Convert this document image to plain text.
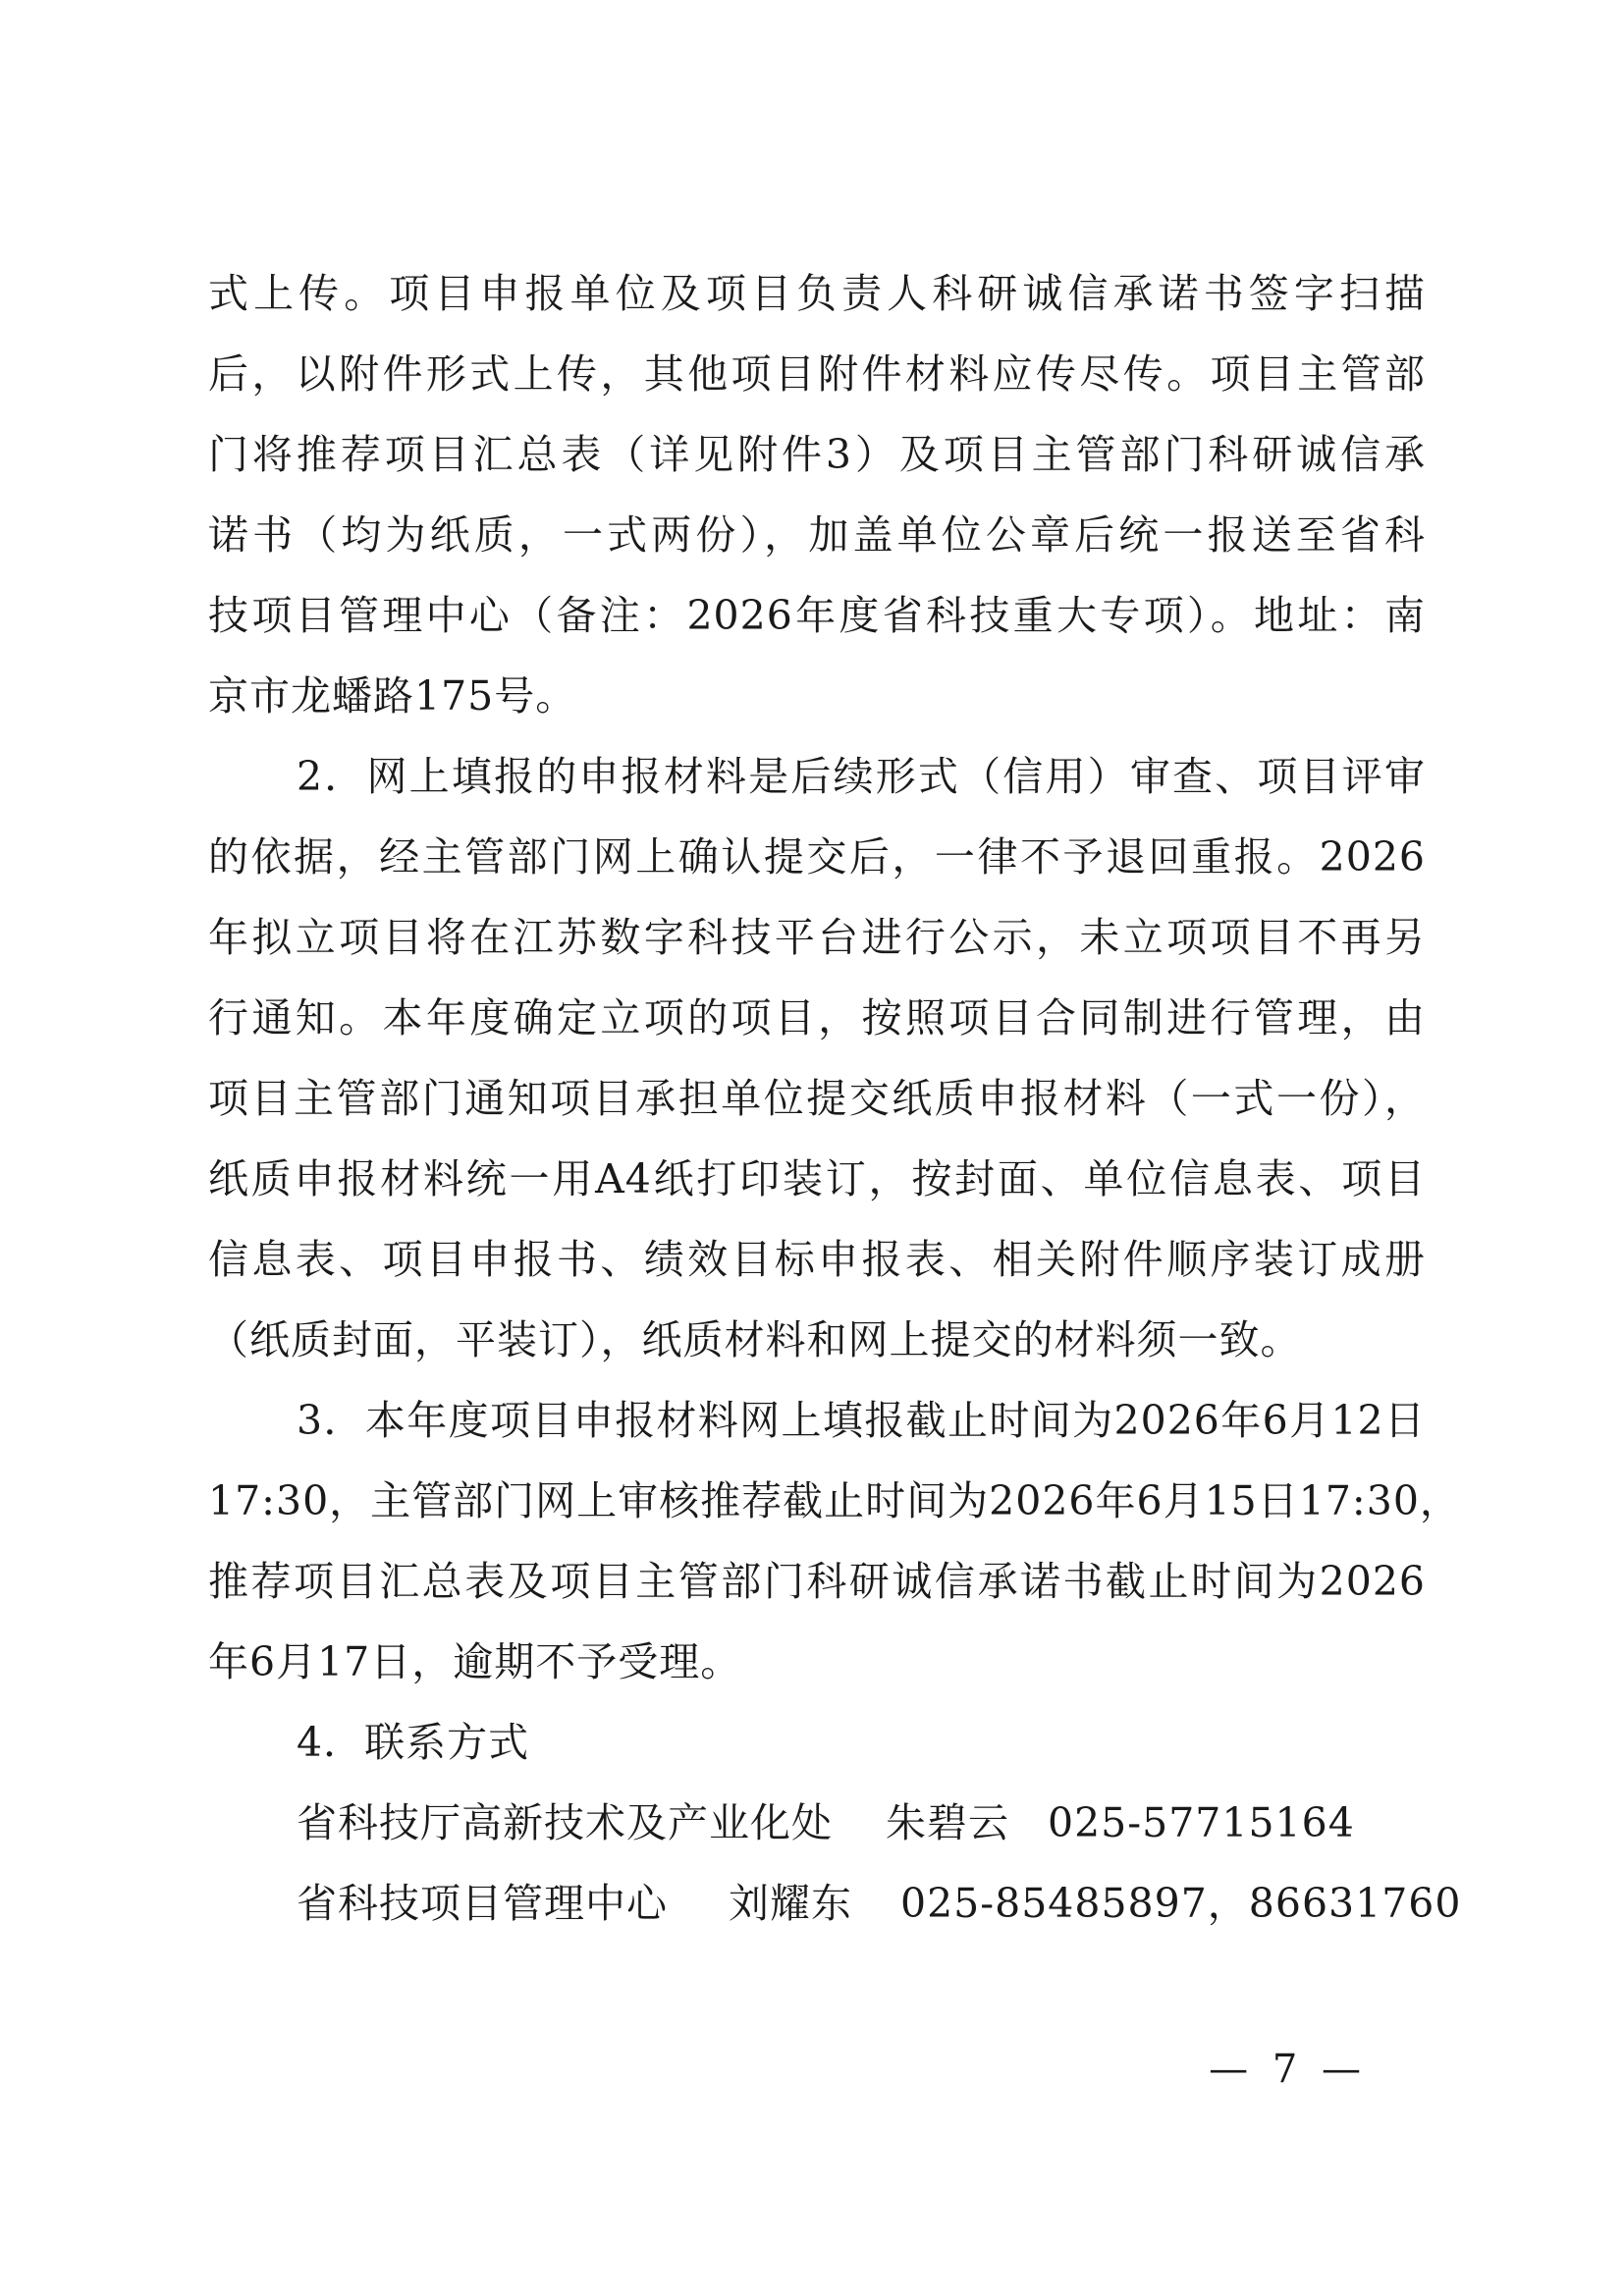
式上传。项目申报单位及项目负责人科研诚信承诺书签字扫描
后，以附件形式上传，其他项目附件材料应传尽传。项目主管部
门将推荐项目汇总表（详见附件3）及项目主管部门科研诚信承
诺书（均为纸质，一式两份），加盖单位公章后统一报送至省科
技项目管理中心（备注：2026年度省科技重大专项）。地址：南
京市龙蟠路175号。
2．网上填报的申报材料是后续形式（信用）审查、项目评审
的依据，经主管部门网上确认提交后，一律不予退回重报。2026
年拟立项目将在江苏数字科技平台进行公示，未立项项目不再另
行通知。本年度确定立项的项目，按照项目合同制进行管理，由
项目主管部门通知项目承担单位提交纸质申报材料（一式一份），
纸质申报材料统一用A4纸打印装订，按封面、单位信息表、项目
信息表、项目申报书、绩效目标申报表、相关附件顺序装订成册
（纸质封面，平装订），纸质材料和网上提交的材料须一致。
3．本年度项目申报材料网上填报截止时间为2026年6月12日
17:30，主管部门网上审核推荐截止时间为2026年6月15日17:30，
推荐项目汇总表及项目主管部门科研诚信承诺书截止时间为2026
年6月17日，逾期不予受理。
4．联系方式
省科技厅高新技术及产业化处 朱碧云 025-57715164
省科技项目管理中心 刘耀东 025-85485897，86631760
— 7 —
